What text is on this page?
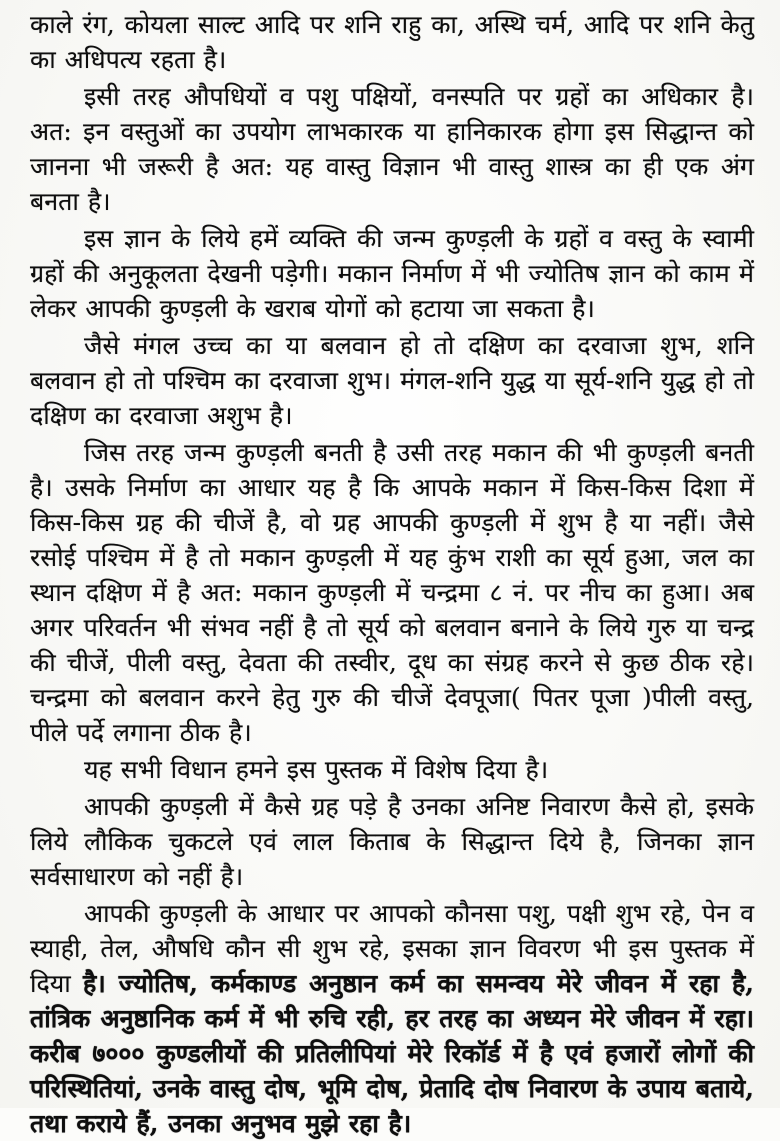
काले रंग, कोयला साल्ट आदि पर शनि राहु का, अस्थि चर्म, आदि पर शनि केतु का अधिपत्य रहता है।

इसी तरह औपधियों व पशु पक्षियों, वनस्पति पर ग्रहों का अधिकार है। अत: इन वस्तुओं का उपयोग लाभकारक या हानिकारक होगा इस सिद्धान्त को जानना भी जरूरी है अत: यह वास्तु विज्ञान भी वास्तु शास्त्र का ही एक अंग बनता है।

इस ज्ञान के लिये हमें व्यक्ति की जन्म कुण्ड़ली के ग्रहों व वस्तु के स्वामी ग्रहों की अनुकूलता देखनी पड़ेगी। मकान निर्माण में भी ज्योतिष ज्ञान को काम में लेकर आपकी कुण्ड़ली के खराब योगों को हटाया जा सकता है।

जैसे मंगल उच्च का या बलवान हो तो दक्षिण का दरवाजा शुभ, शनि बलवान हो तो पश्चिम का दरवाजा शुभ। मंगल-शनि युद्ध या सूर्य-शनि युद्ध हो तो दक्षिण का दरवाजा अशुभ है।

जिस तरह जन्म कुण्ड़ली बनती है उसी तरह मकान की भी कुण्ड़ली बनती है। उसके निर्माण का आधार यह है कि आपके मकान में किस-किस दिशा में किस-किस ग्रह की चीजें है, वो ग्रह आपकी कुण्ड़ली में शुभ है या नहीं। जैसे रसोई पश्चिम में है तो मकान कुण्ड़ली में यह कुंभ राशी का सूर्य हुआ, जल का स्थान दक्षिण में है अत: मकान कुण्ड़ली में चन्द्रमा ८ नं. पर नीच का हुआ। अब अगर परिवर्तन भी संभव नहीं है तो सूर्य को बलवान बनाने के लिये गुरु या चन्द्र की चीजें, पीली वस्तु, देवता की तस्वीर, दूध का संग्रह करने से कुछ ठीक रहे। चन्द्रमा को बलवान करने हेतु गुरु की चीजें देवपूजा( पितर पूजा )पीली वस्तु, पीले पर्दे लगाना ठीक है।

यह सभी विधान हमने इस पुस्तक में विशेष दिया है।

आपकी कुण्ड़ली में कैसे ग्रह पड़े है उनका अनिष्ट निवारण कैसे हो, इसके लिये लौकिक चुकटले एवं लाल किताब के सिद्धान्त दिये है, जिनका ज्ञान सर्वसाधारण को नहीं है।

आपकी कुण्ड़ली के आधार पर आपको कौनसा पशु, पक्षी शुभ रहे, पेन व स्याही, तेल, औषधि कौन सी शुभ रहे, इसका ज्ञान विवरण भी इस पुस्तक में दिया है। ज्योतिष, कर्मकाण्ड अनुष्ठान कर्म का समन्वय मेरे जीवन में रहा है, तांत्रिक अनुष्ठानिक कर्म में भी रुचि रही, हर तरह का अध्यन मेरे जीवन में रहा। करीब ७००० कुण्डलीयों की प्रतिलीपियां मेरे रिकॉर्ड में है एवं हजारों लोगों की परिस्थितियां, उनके वास्तु दोष, भूमि दोष, प्रेतादि दोष निवारण के उपाय बताये, तथा कराये हैं, उनका अनुभव मुझे रहा है।
